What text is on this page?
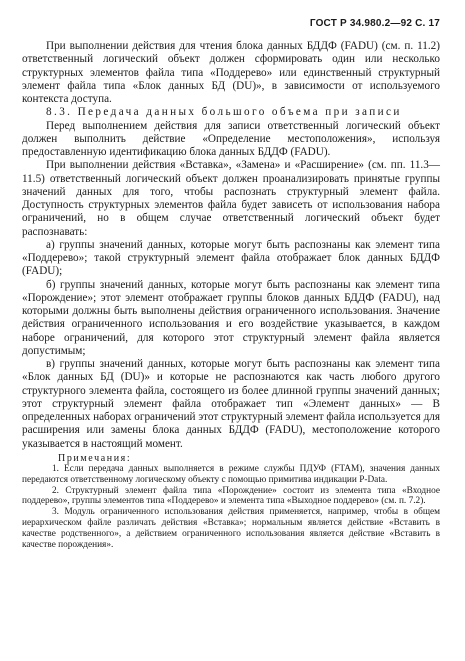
ГОСТ Р 34.980.2—92 С. 17

При выполнении действия для чтения блока данных БДДФ (FADU) (см. п. 11.2) ответственный логический объект должен сформировать один или несколько структурных элементов файла типа «Поддерево» или единственный структурный элемент файла типа «Блок данных БД (DU)», в зависимости от используемого контекста доступа.

8.3. Передача данных большого объема при записи

Перед выполнением действия для записи ответственный логический объект должен выполнить действие «Определение местоположения», используя предоставленную идентификацию блока данных БДДФ (FADU).

При выполнении действия «Вставка», «Замена» и «Расширение» (см. пп. 11.3—11.5) ответственный логический объект должен проанализировать принятые группы значений данных для того, чтобы распознать структурный элемент файла. Доступность структурных элементов файла будет зависеть от использования набора ограничений, но в общем случае ответственный логический объект будет распознавать:

а) группы значений данных, которые могут быть распознаны как элемент типа «Поддерево»; такой структурный элемент файла отображает блок данных БДДФ (FADU);

б) группы значений данных, которые могут быть распознаны как элемент типа «Порождение»; этот элемент отображает группы блоков данных БДДФ (FADU), над которыми должны быть выполнены действия ограниченного использования. Значение действия ограниченного использования и его воздействие указывается, в каждом наборе ограничений, для которого этот структурный элемент файла является допустимым;

в) группы значений данных, которые могут быть распознаны как элемент типа «Блок данных БД (DU)» и которые не распознаются как часть любого другого структурного элемента файла, состоящего из более длинной группы значений данных; этот структурный элемент файла отображает тип «Элемент данных» — В определенных наборах ограничений этот структурный элемент файла используется для расширения или замены блока данных БДДФ (FADU), местоположение которого указывается в настоящий момент.

Примечания:

1. Если передача данных выполняется в режиме службы ПДУФ (FTAM), значения данных передаются ответственному логическому объекту с помощью примитива индикации P-Data.

2. Структурный элемент файла типа «Порождение» состоит из элемента типа «Входное поддерево», группы элементов типа «Поддерево» и элемента типа «Выходное поддерево» (см. п. 7.2).

3. Модуль ограниченного использования действия применяется, например, чтобы в общем иерархическом файле различать действия «Вставка»; нормальным является действие «Вставить в качестве родственного», а действием ограниченного использования является действие «Вставить в качестве порождения».
